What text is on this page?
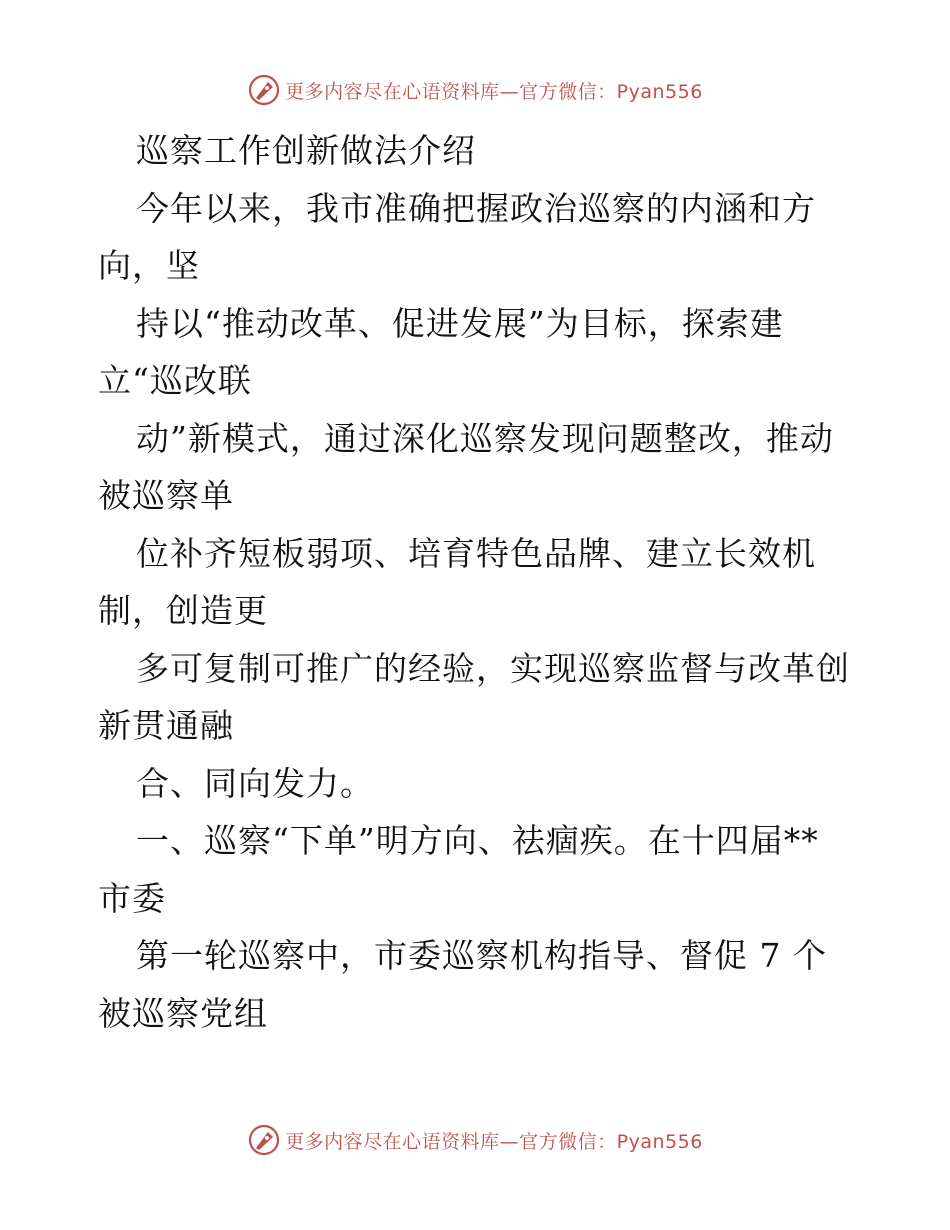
更多内容尽在心语资料库—官方微信：Pyan556
巡察工作创新做法介绍
今年以来，我市准确把握政治巡察的内涵和方
向，坚
持以“推动改革、促进发展”为目标，探索建
立“巡改联
动”新模式，通过深化巡察发现问题整改，推动
被巡察单
位补齐短板弱项、培育特色品牌、建立长效机
制，创造更
多可复制可推广的经验，实现巡察监督与改革创
新贯通融
合、同向发力。
一、巡察“下单”明方向、祛痼疾。在十四届**
市委
第一轮巡察中，市委巡察机构指导、督促 7 个
被巡察党组
更多内容尽在心语资料库—官方微信：Pyan556
